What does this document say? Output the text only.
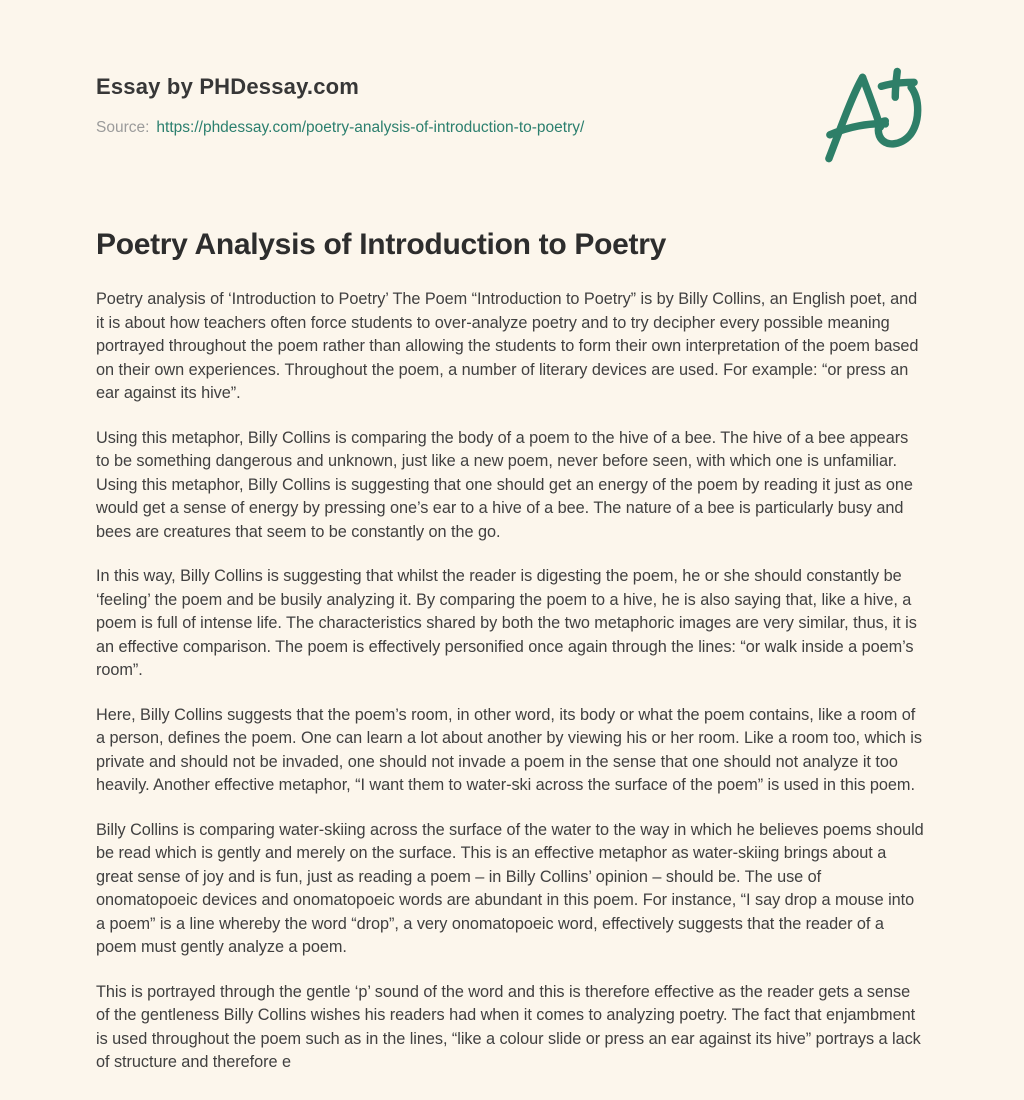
Essay by PHDessay.com
Source: https://phdessay.com/poetry-analysis-of-introduction-to-poetry/
Poetry Analysis of Introduction to Poetry

Poetry analysis of ‘Introduction to Poetry’ The Poem “Introduction to Poetry” is by Billy Collins, an English poet, and it is about how teachers often force students to over-analyze poetry and to try decipher every possible meaning portrayed throughout the poem rather than allowing the students to form their own interpretation of the poem based on their own experiences. Throughout the poem, a number of literary devices are used. For example: “or press an ear against its hive”.

Using this metaphor, Billy Collins is comparing the body of a poem to the hive of a bee. The hive of a bee appears to be something dangerous and unknown, just like a new poem, never before seen, with which one is unfamiliar. Using this metaphor, Billy Collins is suggesting that one should get an energy of the poem by reading it just as one would get a sense of energy by pressing one’s ear to a hive of a bee. The nature of a bee is particularly busy and bees are creatures that seem to be constantly on the go.

In this way, Billy Collins is suggesting that whilst the reader is digesting the poem, he or she should constantly be ‘feeling’ the poem and be busily analyzing it. By comparing the poem to a hive, he is also saying that, like a hive, a poem is full of intense life. The characteristics shared by both the two metaphoric images are very similar, thus, it is an effective comparison. The poem is effectively personified once again through the lines: “or walk inside a poem’s room”.

Here, Billy Collins suggests that the poem’s room, in other word, its body or what the poem contains, like a room of a person, defines the poem. One can learn a lot about another by viewing his or her room. Like a room too, which is private and should not be invaded, one should not invade a poem in the sense that one should not analyze it too heavily. Another effective metaphor, “I want them to water-ski across the surface of the poem” is used in this poem.

Billy Collins is comparing water-skiing across the surface of the water to the way in which he believes poems should be read which is gently and merely on the surface. This is an effective metaphor as water-skiing brings about a great sense of joy and is fun, just as reading a poem – in Billy Collins’ opinion – should be. The use of onomatopoeic devices and onomatopoeic words are abundant in this poem. For instance, “I say drop a mouse into a poem” is a line whereby the word “drop”, a very onomatopoeic word, effectively suggests that the reader of a poem must gently analyze a poem.

This is portrayed through the gentle ‘p’ sound of the word and this is therefore effective as the reader gets a sense of the gentleness Billy Collins wishes his readers had when it comes to analyzing poetry. The fact that enjambment is used throughout the poem such as in the lines, “like a colour slide or press an ear against its hive” portrays a lack of structure and therefore e
